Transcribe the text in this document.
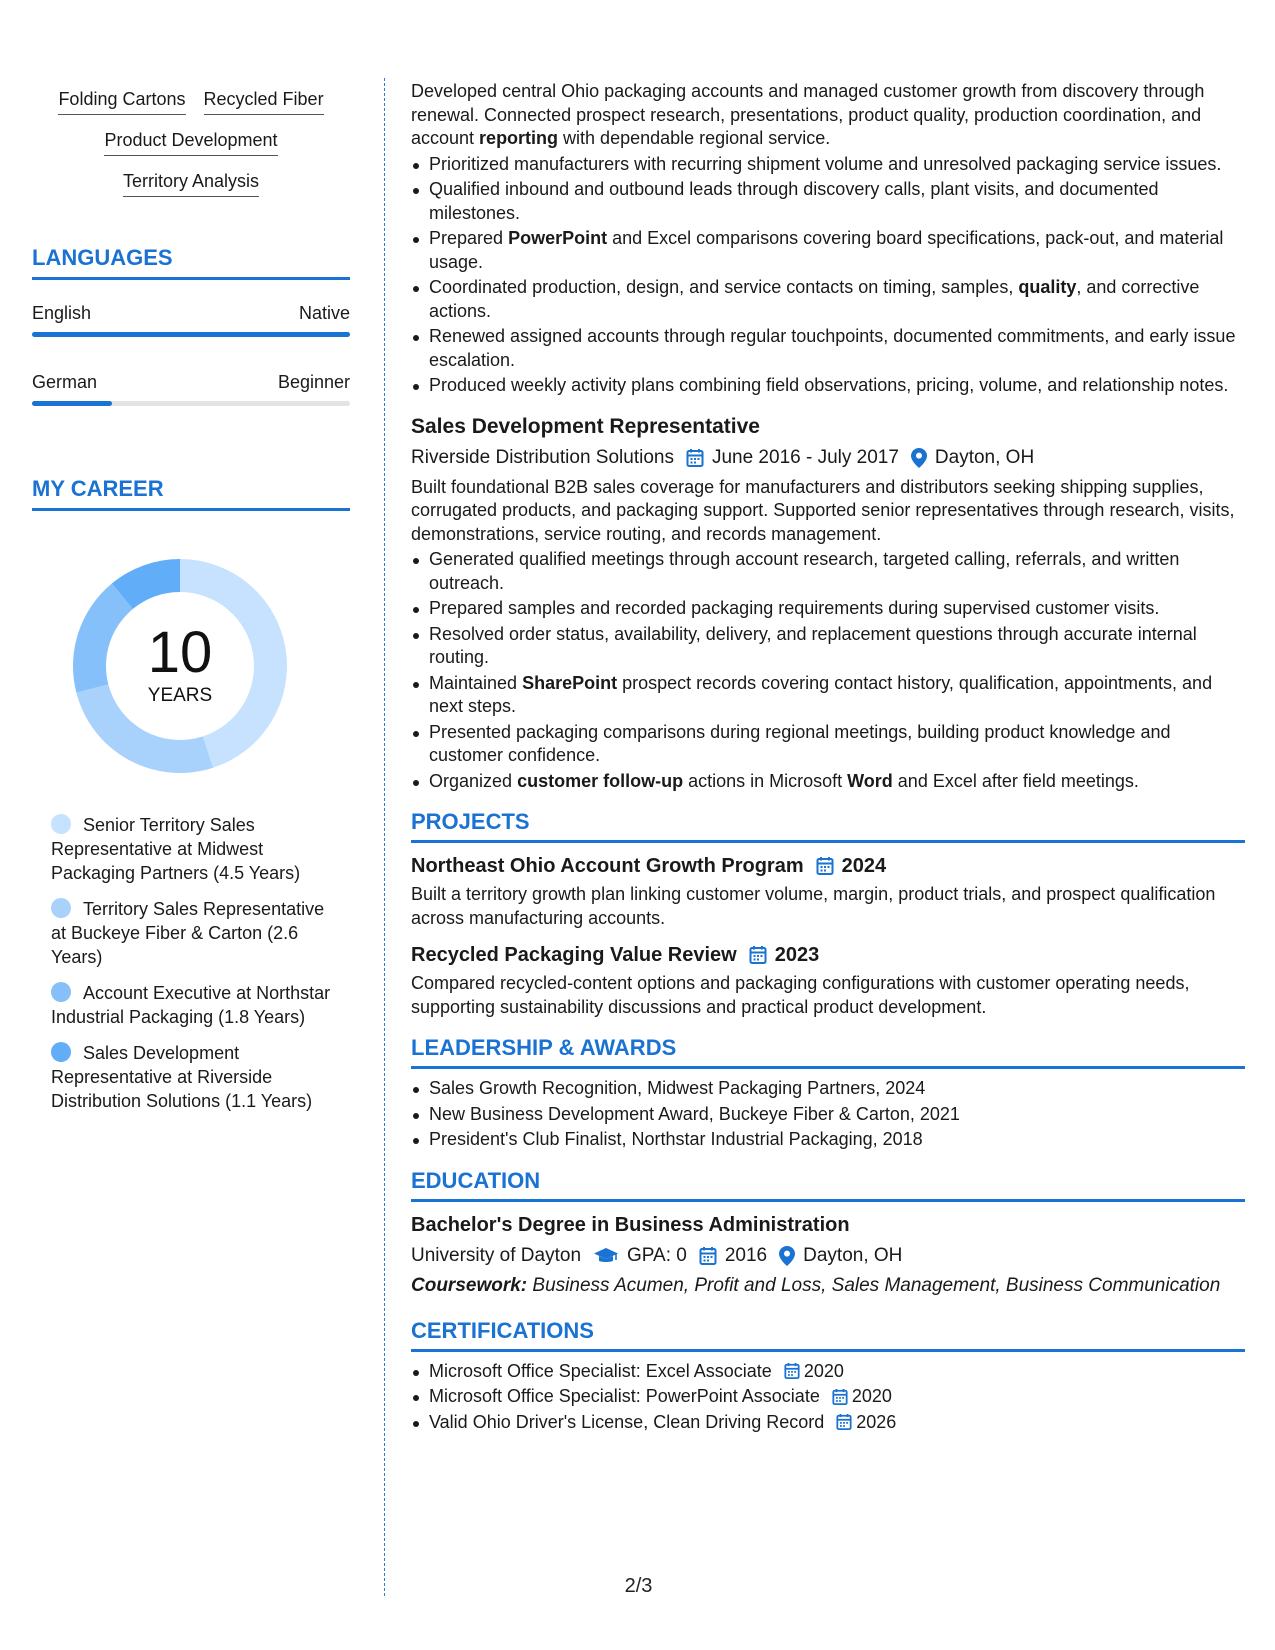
Folding Cartons Recycled Fiber
Product Development
Territory Analysis
LANGUAGES
English	Native
German	Beginner
MY CAREER
10
YEARS
Senior Territory Sales Representative at Midwest Packaging Partners (4.5 Years)
Territory Sales Representative at Buckeye Fiber & Carton (2.6 Years)
Account Executive at Northstar Industrial Packaging (1.8 Years)
Sales Development Representative at Riverside Distribution Solutions (1.1 Years)
Developed central Ohio packaging accounts and managed customer growth from discovery through renewal. Connected prospect research, presentations, product quality, production coordination, and account reporting with dependable regional service.
Prioritized manufacturers with recurring shipment volume and unresolved packaging service issues.
Qualified inbound and outbound leads through discovery calls, plant visits, and documented milestones.
Prepared PowerPoint and Excel comparisons covering board specifications, pack-out, and material usage.
Coordinated production, design, and service contacts on timing, samples, quality, and corrective actions.
Renewed assigned accounts through regular touchpoints, documented commitments, and early issue escalation.
Produced weekly activity plans combining field observations, pricing, volume, and relationship notes.
Sales Development Representative
Riverside Distribution Solutions June 2016 - July 2017 Dayton, OH
Built foundational B2B sales coverage for manufacturers and distributors seeking shipping supplies, corrugated products, and packaging support. Supported senior representatives through research, visits, demonstrations, service routing, and records management.
Generated qualified meetings through account research, targeted calling, referrals, and written outreach.
Prepared samples and recorded packaging requirements during supervised customer visits.
Resolved order status, availability, delivery, and replacement questions through accurate internal routing.
Maintained SharePoint prospect records covering contact history, qualification, appointments, and next steps.
Presented packaging comparisons during regional meetings, building product knowledge and customer confidence.
Organized customer follow-up actions in Microsoft Word and Excel after field meetings.
PROJECTS
Northeast Ohio Account Growth Program 2024
Built a territory growth plan linking customer volume, margin, product trials, and prospect qualification across manufacturing accounts.
Recycled Packaging Value Review 2023
Compared recycled-content options and packaging configurations with customer operating needs, supporting sustainability discussions and practical product development.
LEADERSHIP & AWARDS
Sales Growth Recognition, Midwest Packaging Partners, 2024
New Business Development Award, Buckeye Fiber & Carton, 2021
President's Club Finalist, Northstar Industrial Packaging, 2018
EDUCATION
Bachelor's Degree in Business Administration
University of Dayton GPA: 0 2016 Dayton, OH
Coursework: Business Acumen, Profit and Loss, Sales Management, Business Communication
CERTIFICATIONS
Microsoft Office Specialist: Excel Associate 2020
Microsoft Office Specialist: PowerPoint Associate 2020
Valid Ohio Driver's License, Clean Driving Record 2026
2/3
